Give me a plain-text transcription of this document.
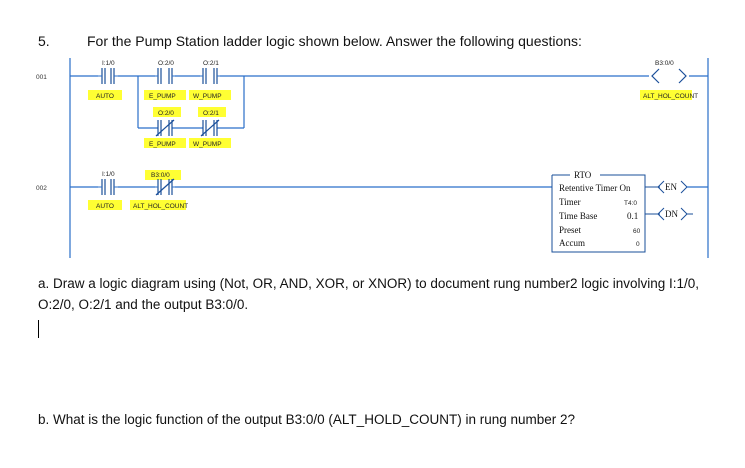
5.	For the Pump Station ladder logic shown below. Answer the following questions:
001
I:1/0
AUTO
O:2/0
E_PUMP
O:2/1
W_PUMP
O:2/0
E_PUMP
O:2/1
W_PUMP
B3:0/0
ALT_HOL_COUNT
002
I:1/0
AUTO
B3:0/0
ALT_HOL_COUNT
RTO
Retentive Timer On
Timer	T4:0
Time Base	0.1
Preset	60
Accum	0
EN
DN
a. Draw a logic diagram using (Not, OR, AND, XOR, or XNOR) to document rung number2 logic involving I:1/0, O:2/0, O:2/1 and the output B3:0/0.
b. What is the logic function of the output B3:0/0 (ALT_HOLD_COUNT) in rung number 2?
